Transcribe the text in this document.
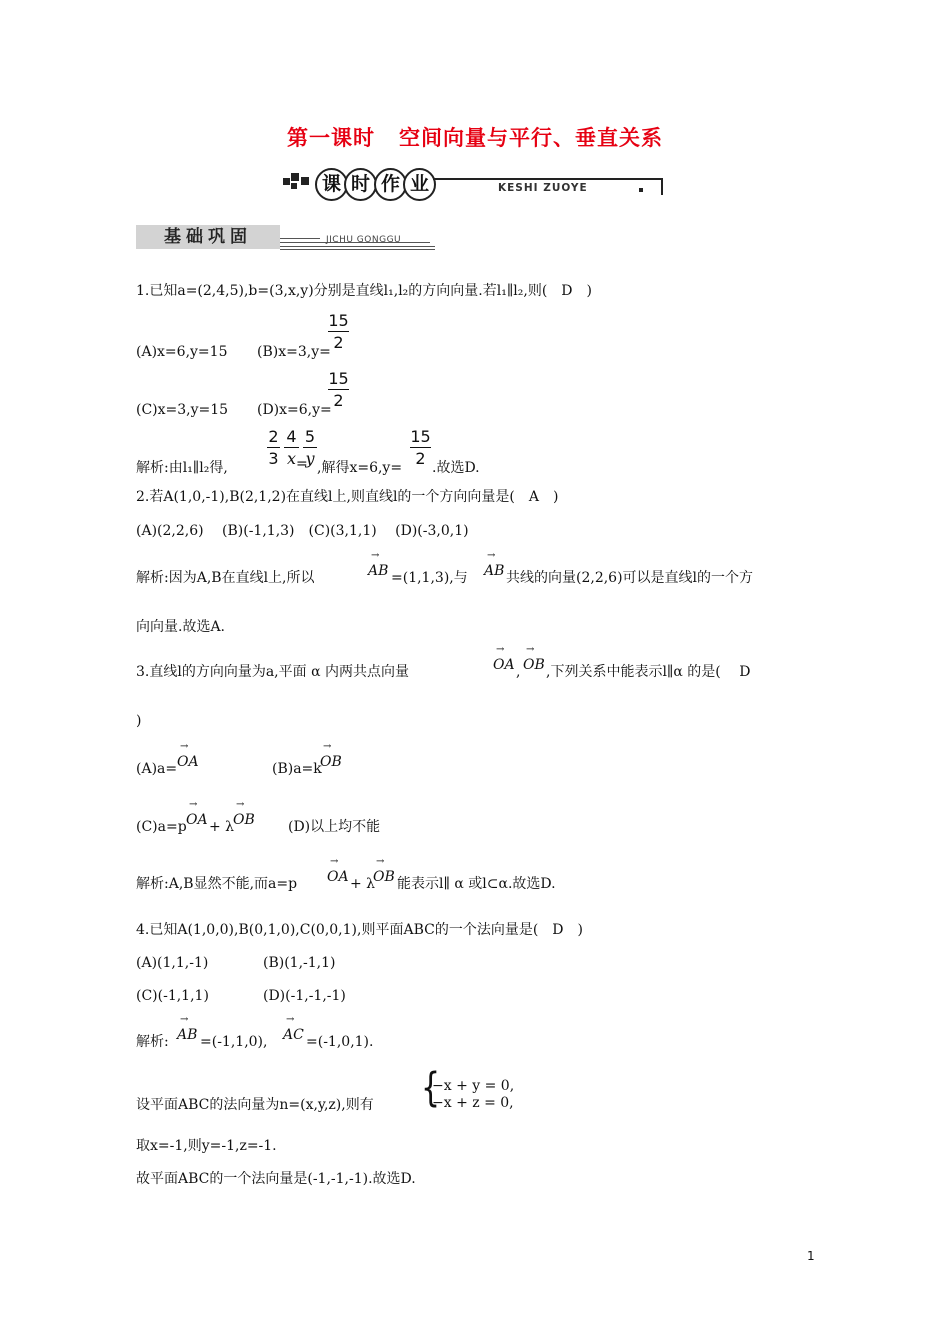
第一课时 空间向量与平行、垂直关系
课 时 作 业	KESHI ZUOYE
基础巩固	JICHU GONGGU
1.已知a=(2,4,5),b=(3,x,y)分别是直线l₁,l₂的方向向量.若l₁∥l₂,则(　D　)
(A)x=6,y=15 (B)x=3,y=
15
2
(C)x=3,y=15 (D)x=6,y=
15
2
解析:由l₁∥l₂得,
2
3
4
x =
5
y ,解得x=6,y=
15
2 .故选D.
2.若A(1,0,-1),B(2,1,2)在直线l上,则直线l的一个方向向量是(　A　)
(A)(2,2,6)　 (B)(-1,1,3)　(C)(3,1,1)　 (D)(-3,0,1)
解析:因为A,B在直线l上,所以
→
AB =(1,1,3),与
→
AB 共线的向量(2,2,6)可以是直线l的一个方
向向量.故选A.
3.直线l的方向向量为a,平面 α 内两共点向量
→
OA ,
→
OB ,下列关系中能表示l∥α 的是(　 D
)
(A)a=
→
OA	(B)a=k
→
OB
(C)a=p
→
OA + λ
→
OB (D)以上均不能
解析:A,B显然不能,而a=p
→
OA + λ
→
OB 能表示l∥ α 或l⊂α.故选D.
4.已知A(1,0,0),B(0,1,0),C(0,0,1),则平面ABC的一个法向量是(　D　)
(A)(1,1,-1)	(B)(1,-1,1)
(C)(-1,1,1)	(D)(-1,-1,-1)
解析:
→
AB =(-1,1,0),
→
AC =(-1,0,1).
设平面ABC的法向量为n=(x,y,z),则有 {
−x + y = 0,
−x + z = 0,
取x=-1,则y=-1,z=-1.
故平面ABC的一个法向量是(-1,-1,-1).故选D.
1
